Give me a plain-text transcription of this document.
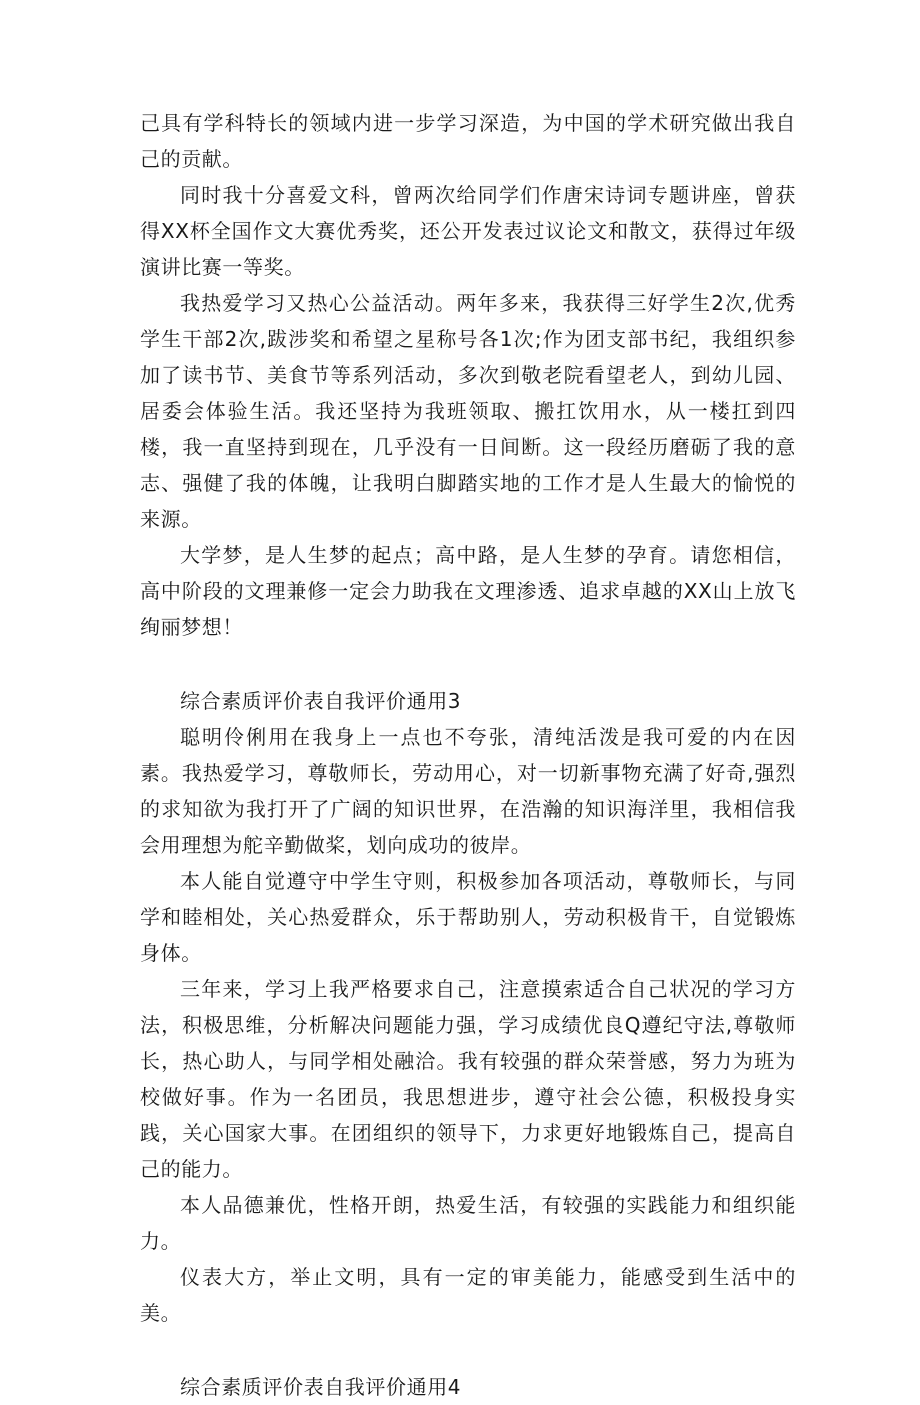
己具有学科特长的领域内进一步学习深造，为中国的学术研究做出我自己的贡献。

同时我十分喜爱文科，曾两次给同学们作唐宋诗词专题讲座，曾获得XX杯全国作文大赛优秀奖，还公开发表过议论文和散文，获得过年级演讲比赛一等奖。

我热爱学习又热心公益活动。两年多来，我获得三好学生2次,优秀学生干部2次,跋涉奖和希望之星称号各1次;作为团支部书纪，我组织参加了读书节、美食节等系列活动，多次到敬老院看望老人，到幼儿园、居委会体验生活。我还坚持为我班领取、搬扛饮用水，从一楼扛到四楼，我一直坚持到现在，几乎没有一日间断。这一段经历磨砺了我的意志、强健了我的体魄，让我明白脚踏实地的工作才是人生最大的愉悦的来源。

大学梦，是人生梦的起点；高中路，是人生梦的孕育。请您相信，高中阶段的文理兼修一定会力助我在文理渗透、追求卓越的XX山上放飞绚丽梦想！

综合素质评价表自我评价通用3

聪明伶俐用在我身上一点也不夸张，清纯活泼是我可爱的内在因素。我热爱学习，尊敬师长，劳动用心，对一切新事物充满了好奇,强烈的求知欲为我打开了广阔的知识世界，在浩瀚的知识海洋里，我相信我会用理想为舵辛勤做桨，划向成功的彼岸。

本人能自觉遵守中学生守则，积极参加各项活动，尊敬师长，与同学和睦相处，关心热爱群众，乐于帮助别人，劳动积极肯干，自觉锻炼身体。

三年来，学习上我严格要求自己，注意摸索适合自己状况的学习方法，积极思维，分析解决问题能力强，学习成绩优良Q遵纪守法,尊敬师长，热心助人，与同学相处融洽。我有较强的群众荣誉感，努力为班为校做好事。作为一名团员，我思想进步，遵守社会公德，积极投身实践，关心国家大事。在团组织的领导下，力求更好地锻炼自己，提高自己的能力。

本人品德兼优，性格开朗，热爱生活，有较强的实践能力和组织能力。

仪表大方，举止文明，具有一定的审美能力，能感受到生活中的美。

综合素质评价表自我评价通用4
